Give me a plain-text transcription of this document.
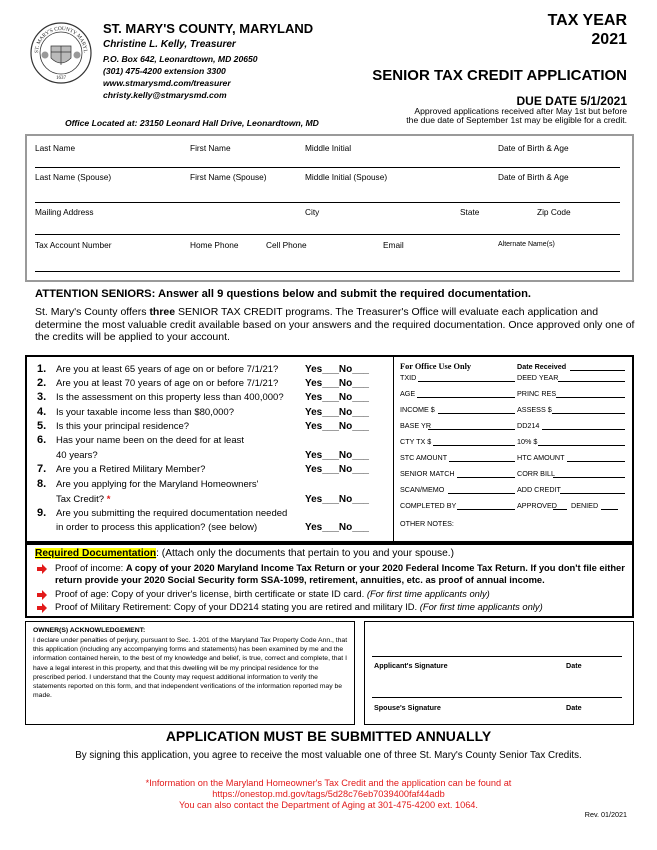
ST. MARY'S COUNTY MARYL
1637
ST. MARY'S COUNTY, MARYLAND
Christine L. Kelly, Treasurer
P.O. Box 642, Leonardtown, MD 20650
(301) 475-4200 extension 3300
www.stmarysmd.com/treasurer
christy.kelly@stmarysmd.com
TAX YEAR
2021
SENIOR TAX CREDIT APPLICATION
DUE DATE 5/1/2021
Approved applications received after May 1st but before
the due date of September 1st may be eligible for a credit.
Office Located at: 23150 Leonard Hall Drive, Leonardtown, MD
Last Name	First Name	Middle Initial	Date of Birth & Age
Last Name (Spouse)	First Name (Spouse)	Middle Initial (Spouse)	Date of Birth & Age
Mailing Address	City	State	Zip Code
Tax Account Number	Home Phone	Cell Phone	Email	Alternate Name(s)
ATTENTION SENIORS: Answer all 9 questions below and submit the required documentation.
St. Mary's County offers three SENIOR TAX CREDIT programs. The Treasurer's Office will evaluate each application and determine the most valuable credit available based on your answers and the required documentation. Once approved only one of the credits will be applied to your account.
1. Are you at least 65 years of age on or before 7/1/21?	Yes___No___
2. Are you at least 70 years of age on or before 7/1/21?	Yes___No___
3. Is the assessment on this property less than 400,000? Yes___No___
4. Is your taxable income less than $80,000?	Yes___No___
5. Is this your principal residence?	Yes___No___
6. Has your name been on the deed for at least
40 years?	Yes___No___
7. Are you a Retired Military Member?	Yes___No___
8. Are you applying for the Maryland Homeowners'
Tax Credit? *	Yes___No___
9. Are you submitting the required documentation needed
in order to process this application? (see below)	Yes___No___
For Office Use Only	Date Received
TXID	DEED YEAR
AGE	PRINC RES
INCOME $	ASSESS $
BASE YR	DD214
CTY TX $	10% $
STC AMOUNT	HTC AMOUNT
SENIOR MATCH	CORR BILL
SCAN/MEMO	ADD CREDIT
COMPLETED BY	APPROVED DENIED
OTHER NOTES:
Required Documentation: (Attach only the documents that pertain to you and your spouse.)
Proof of income: A copy of your 2020 Maryland Income Tax Return or your 2020 Federal Income Tax Return. If you don't file either return provide your 2020 Social Security form SSA-1099, retirement, annuities, etc. as proof of annual income.
Proof of age: Copy of your driver's license, birth certificate or state ID card. (For first time applicants only)
Proof of Military Retirement: Copy of your DD214 stating you are retired and military ID. (For first time applicants only)
OWNER(S) ACKNOWLEDGEMENT:
I declare under penalties of perjury, pursuant to Sec. 1-201 of the Maryland Tax Property Code Ann., that this application (including any accompanying forms and statements) has been examined by me and the information contained herein, to the best of my knowledge and belief, is true, correct and complete, that I have a legal interest in this property, and that this dwelling will be my principal residence for the prescribed period. I understand that the County may request additional information to verify the statements reported on this form, and that independent verifications of the information reported may be made.
Applicant's Signature	Date
Spouse's Signature	Date
APPLICATION MUST BE SUBMITTED ANNUALLY
By signing this application, you agree to receive the most valuable one of three St. Mary's County Senior Tax Credits.
*Information on the Maryland Homeowner's Tax Credit and the application can be found at
https://onestop.md.gov/tags/5d28c76eb7039400faf44adb
You can also contact the Department of Aging at 301-475-4200 ext. 1064.
Rev. 01/2021
